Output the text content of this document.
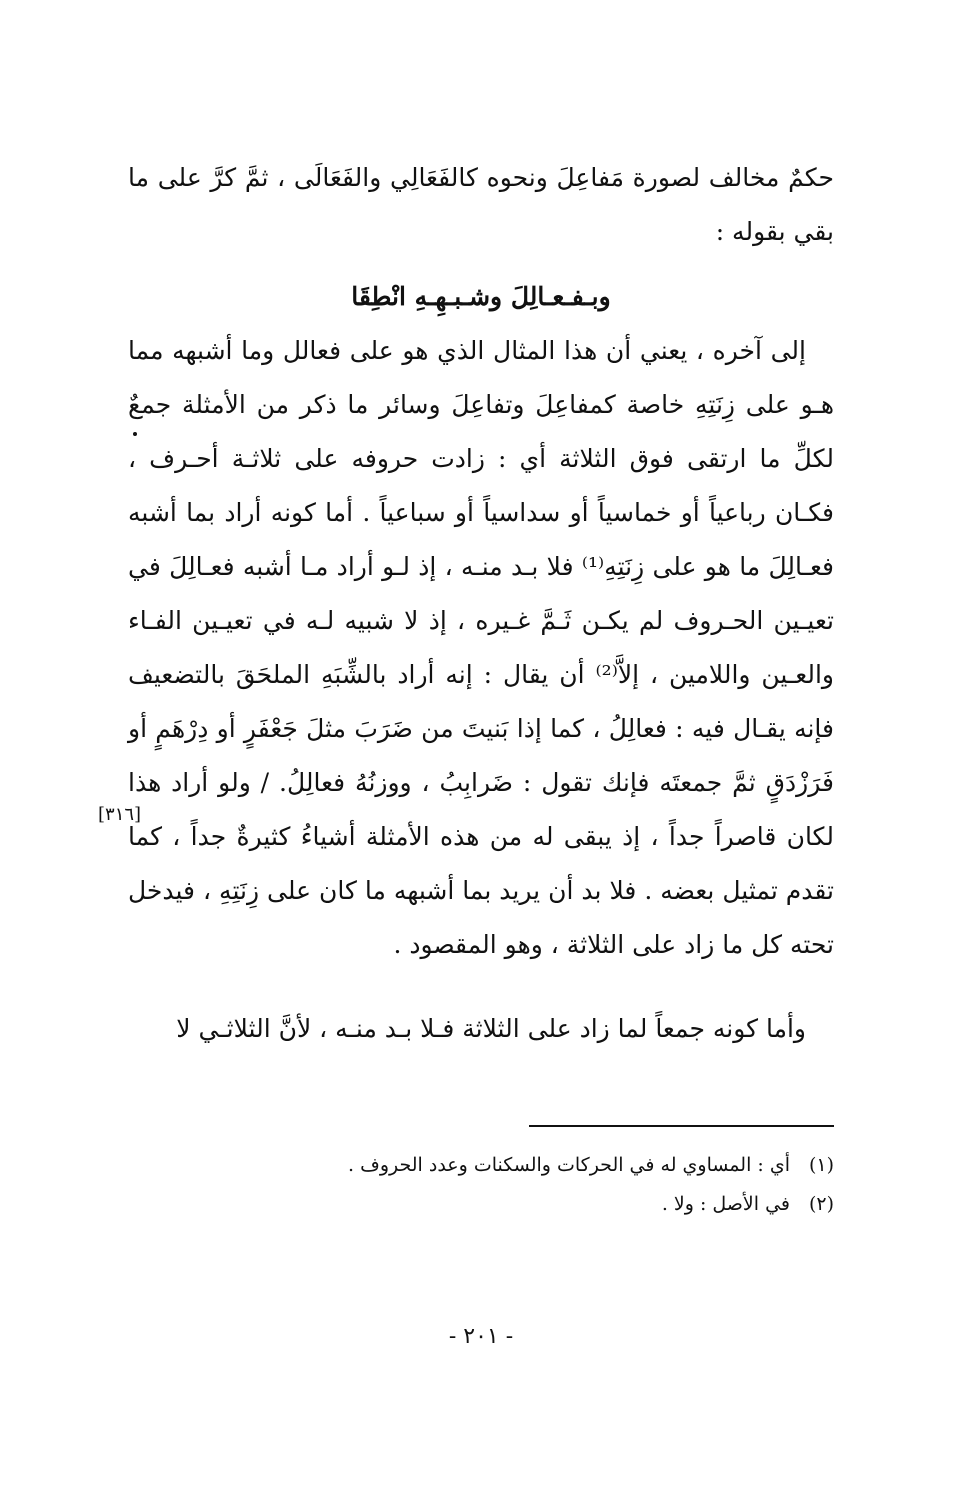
حكمٌ مخالف لصورة مَفاعِلَ ونحوه كالفَعَالِي والفَعَالَى ، ثمَّ كرَّ على ما بقي بقوله :
وبـفـعـالِلَ وشـبـهِـهِ انْطِقَا
إلى آخره ، يعني أن هذا المثال الذي هو على فعالل وما أشبهه مما هـو على زِنَتِهِ خاصة كمفاعِلَ وتفاعِلَ وسائر ما ذكر من الأمثلة جمعٌ لكلِّ ما ارتقى فوق الثلاثة أي : زادت حروفه على ثلاثـة أحـرف ، فكـان رباعياً أو خماسياً أو سداسياً أو سباعياً . أما كونه أراد بما أشبه فعـالِلَ ما هو على زِنَتِهِ⁽¹⁾ فلا بـد منـه ، إذ لـو أراد مـا أشبه فعـالِلَ في تعيـين الحـروف لم يكـن ثَـمَّ غـيره ، إذ لا شبيه لـه في تعيـين الفـاء والعـين واللامين ، إلاَّ⁽²⁾ أن يقال : إنه أراد بالشِّبَهِ الملحَقَ بالتضعيف فإنه يقـال فيه : فعالِلُ ، كما إذا بَنيتَ من ضَرَبَ مثلَ جَعْفَرٍ أو دِرْهَمٍ أو فَرَزْدَقٍ ثمَّ جمعتَه فإنك تقول : ضَرابِبُ ، ووزنُهُ فعالِلُ. / ولو أراد هذا لكان قاصراً جداً ، إذ يبقى له من هذه الأمثلة أشياءُ كثيرةٌ جداً ، كما تقدم تمثيل بعضه . فلا بد أن يريد بما أشبهه ما كان على زِنَتِهِ ، فيدخل تحته كل ما زاد على الثلاثة ، وهو المقصود .
[٣١٦]
وأما كونه جمعاً لما زاد على الثلاثة فـلا بـد منـه ، لأنَّ الثلاثـي لا
(١)
أي : المساوي له في الحركات والسكنات وعدد الحروف .
(٢)
في الأصل : ولا .
- ٢٠١ -
